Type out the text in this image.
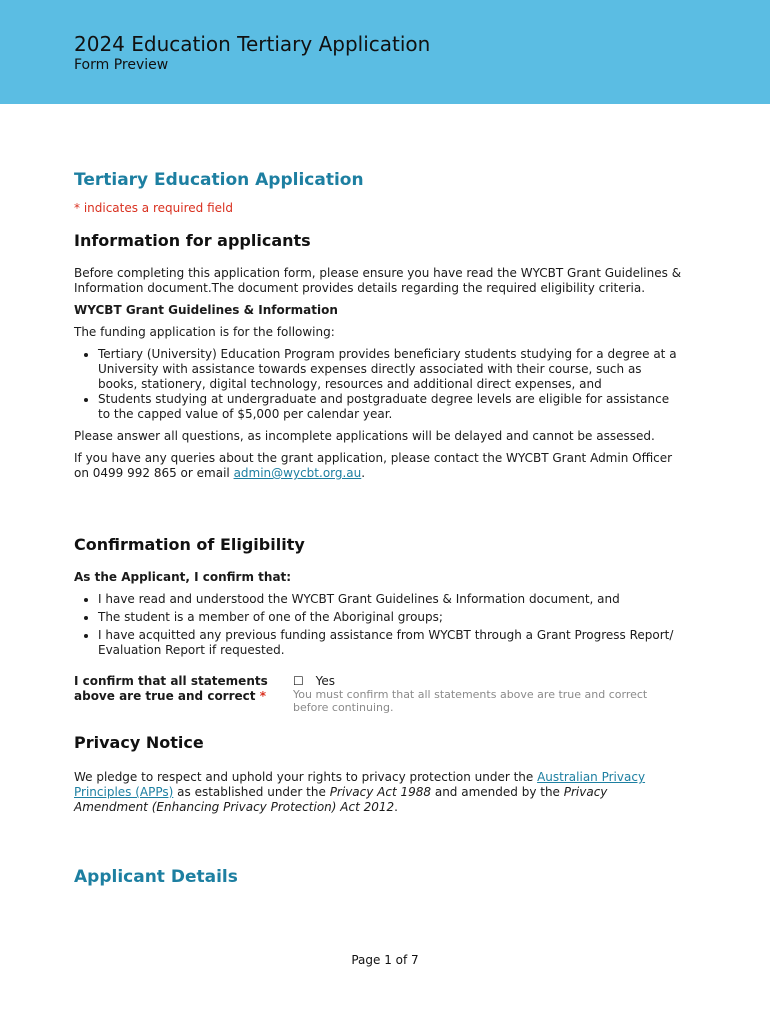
2024 Education Tertiary Application
Form Preview
Tertiary Education Application
* indicates a required field
Information for applicants

Before completing this application form, please ensure you have read the WYCBT Grant Guidelines & Information document.The document provides details regarding the required eligibility criteria.

WYCBT Grant Guidelines & Information

The funding application is for the following:

• Tertiary (University) Education Program provides beneficiary students studying for a degree at a University with assistance towards expenses directly associated with their course, such as books, stationery, digital technology, resources and additional direct expenses, and
• Students studying at undergraduate and postgraduate degree levels are eligible for assistance to the capped value of $5,000 per calendar year.

Please answer all questions, as incomplete applications will be delayed and cannot be assessed.

If you have any queries about the grant application, please contact the WYCBT Grant Admin Officer on 0499 992 865 or email admin@wycbt.org.au.

Confirmation of Eligibility

As the Applicant, I confirm that:

• I have read and understood the WYCBT Grant Guidelines & Information document, and
• The student is a member of one of the Aboriginal groups;
• I have acquitted any previous funding assistance from WYCBT through a Grant Progress Report/ Evaluation Report if requested.
I confirm that all statements above are true and correct *
☐ Yes
You must confirm that all statements above are true and correct before continuing.
Privacy Notice

We pledge to respect and uphold your rights to privacy protection under the Australian Privacy Principles (APPs) as established under the Privacy Act 1988 and amended by the Privacy Amendment (Enhancing Privacy Protection) Act 2012.

Applicant Details
Page 1 of 7
